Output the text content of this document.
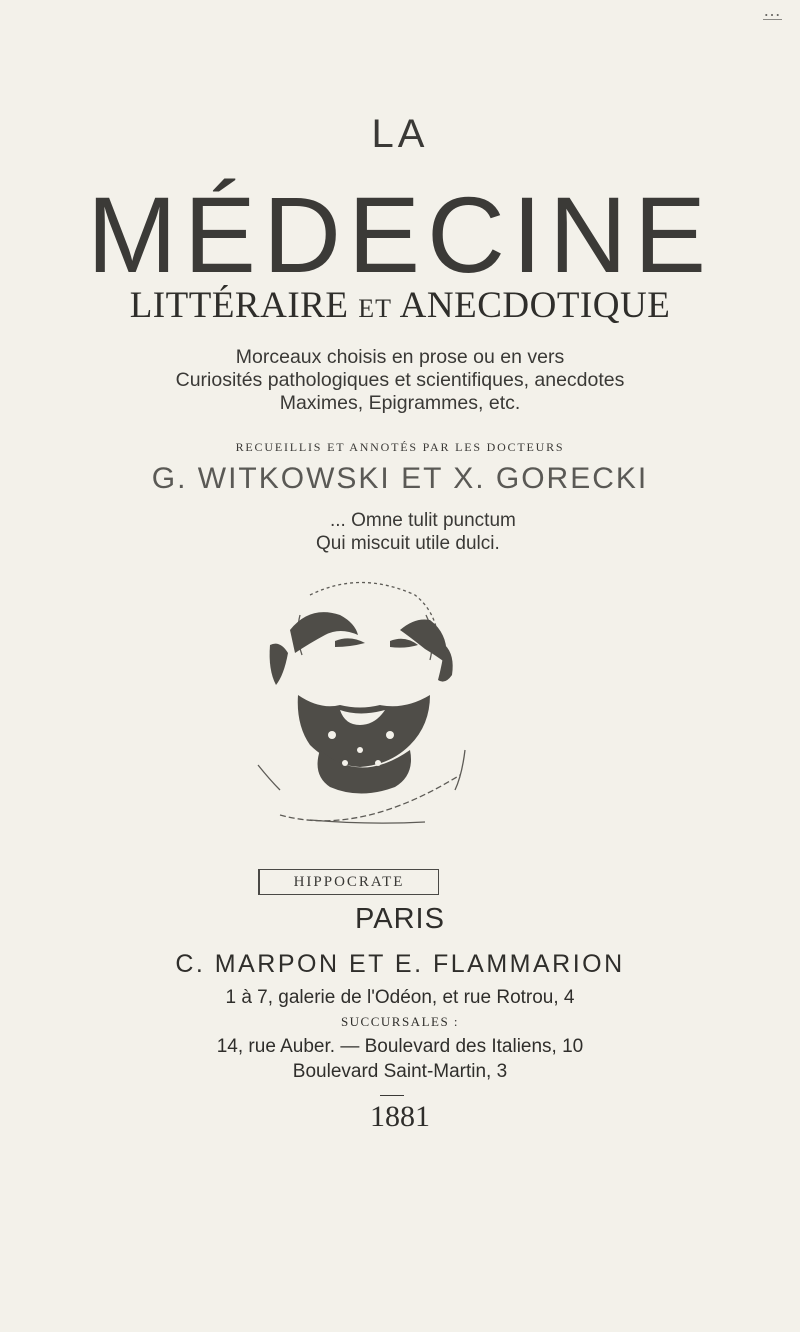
…
LA
MÉDECINE
LITTÉRAIRE ET ANECDOTIQUE
Morceaux choisis en prose ou en vers
Curiosités pathologiques et scientifiques, anecdotes
Maximes, Epigrammes, etc.
RECUEILLIS ET ANNOTÉS PAR LES DOCTEURS
G. WITKOWSKI ET X. GORECKI
... Omne tulit punctum
Qui miscuit utile dulci.
HIPPOCRATE
PARIS
C. MARPON ET E. FLAMMARION
1 à 7, galerie de l'Odéon, et rue Rotrou, 4
SUCCURSALES :
14, rue Auber. — Boulevard des Italiens, 10
Boulevard Saint-Martin, 3
1881
